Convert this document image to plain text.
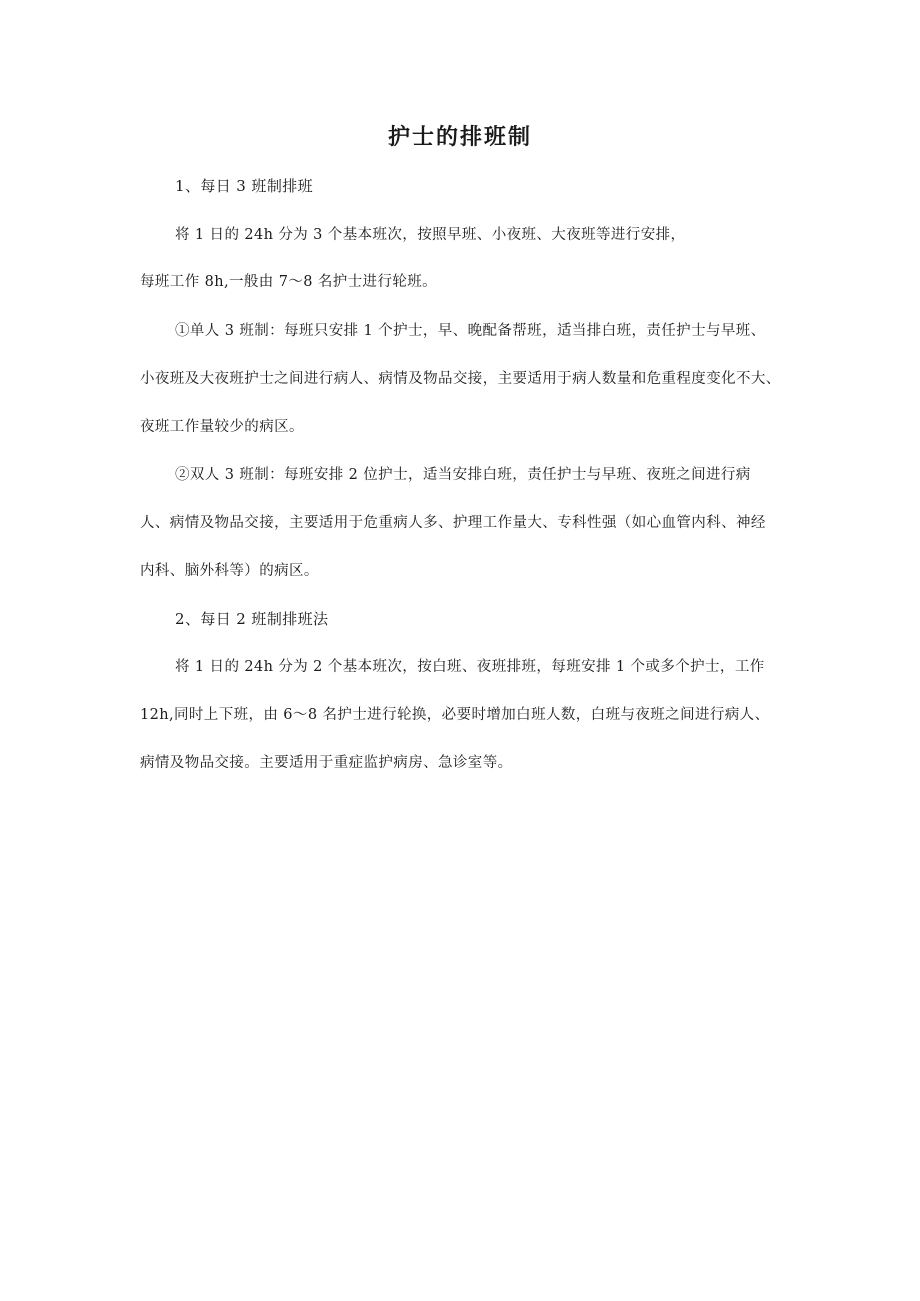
护士的排班制
1、每日 3 班制排班
将 1 日的 24h 分为 3 个基本班次，按照早班、小夜班、大夜班等进行安排，
每班工作 8h,一般由 7～8 名护士进行轮班。
①单人 3 班制：每班只安排 1 个护士，早、晚配备帮班，适当排白班，责任护士与早班、
小夜班及大夜班护士之间进行病人、病情及物品交接，主要适用于病人数量和危重程度变化不大、
夜班工作量较少的病区。
②双人 3 班制：每班安排 2 位护士，适当安排白班，责任护士与早班、夜班之间进行病
人、病情及物品交接，主要适用于危重病人多、护理工作量大、专科性强（如心血管内科、神经
内科、脑外科等）的病区。
2、每日 2 班制排班法
将 1 日的 24h 分为 2 个基本班次，按白班、夜班排班，每班安排 1 个或多个护士，工作
12h,同时上下班，由 6～8 名护士进行轮换，必要时增加白班人数，白班与夜班之间进行病人、
病情及物品交接。主要适用于重症监护病房、急诊室等。
